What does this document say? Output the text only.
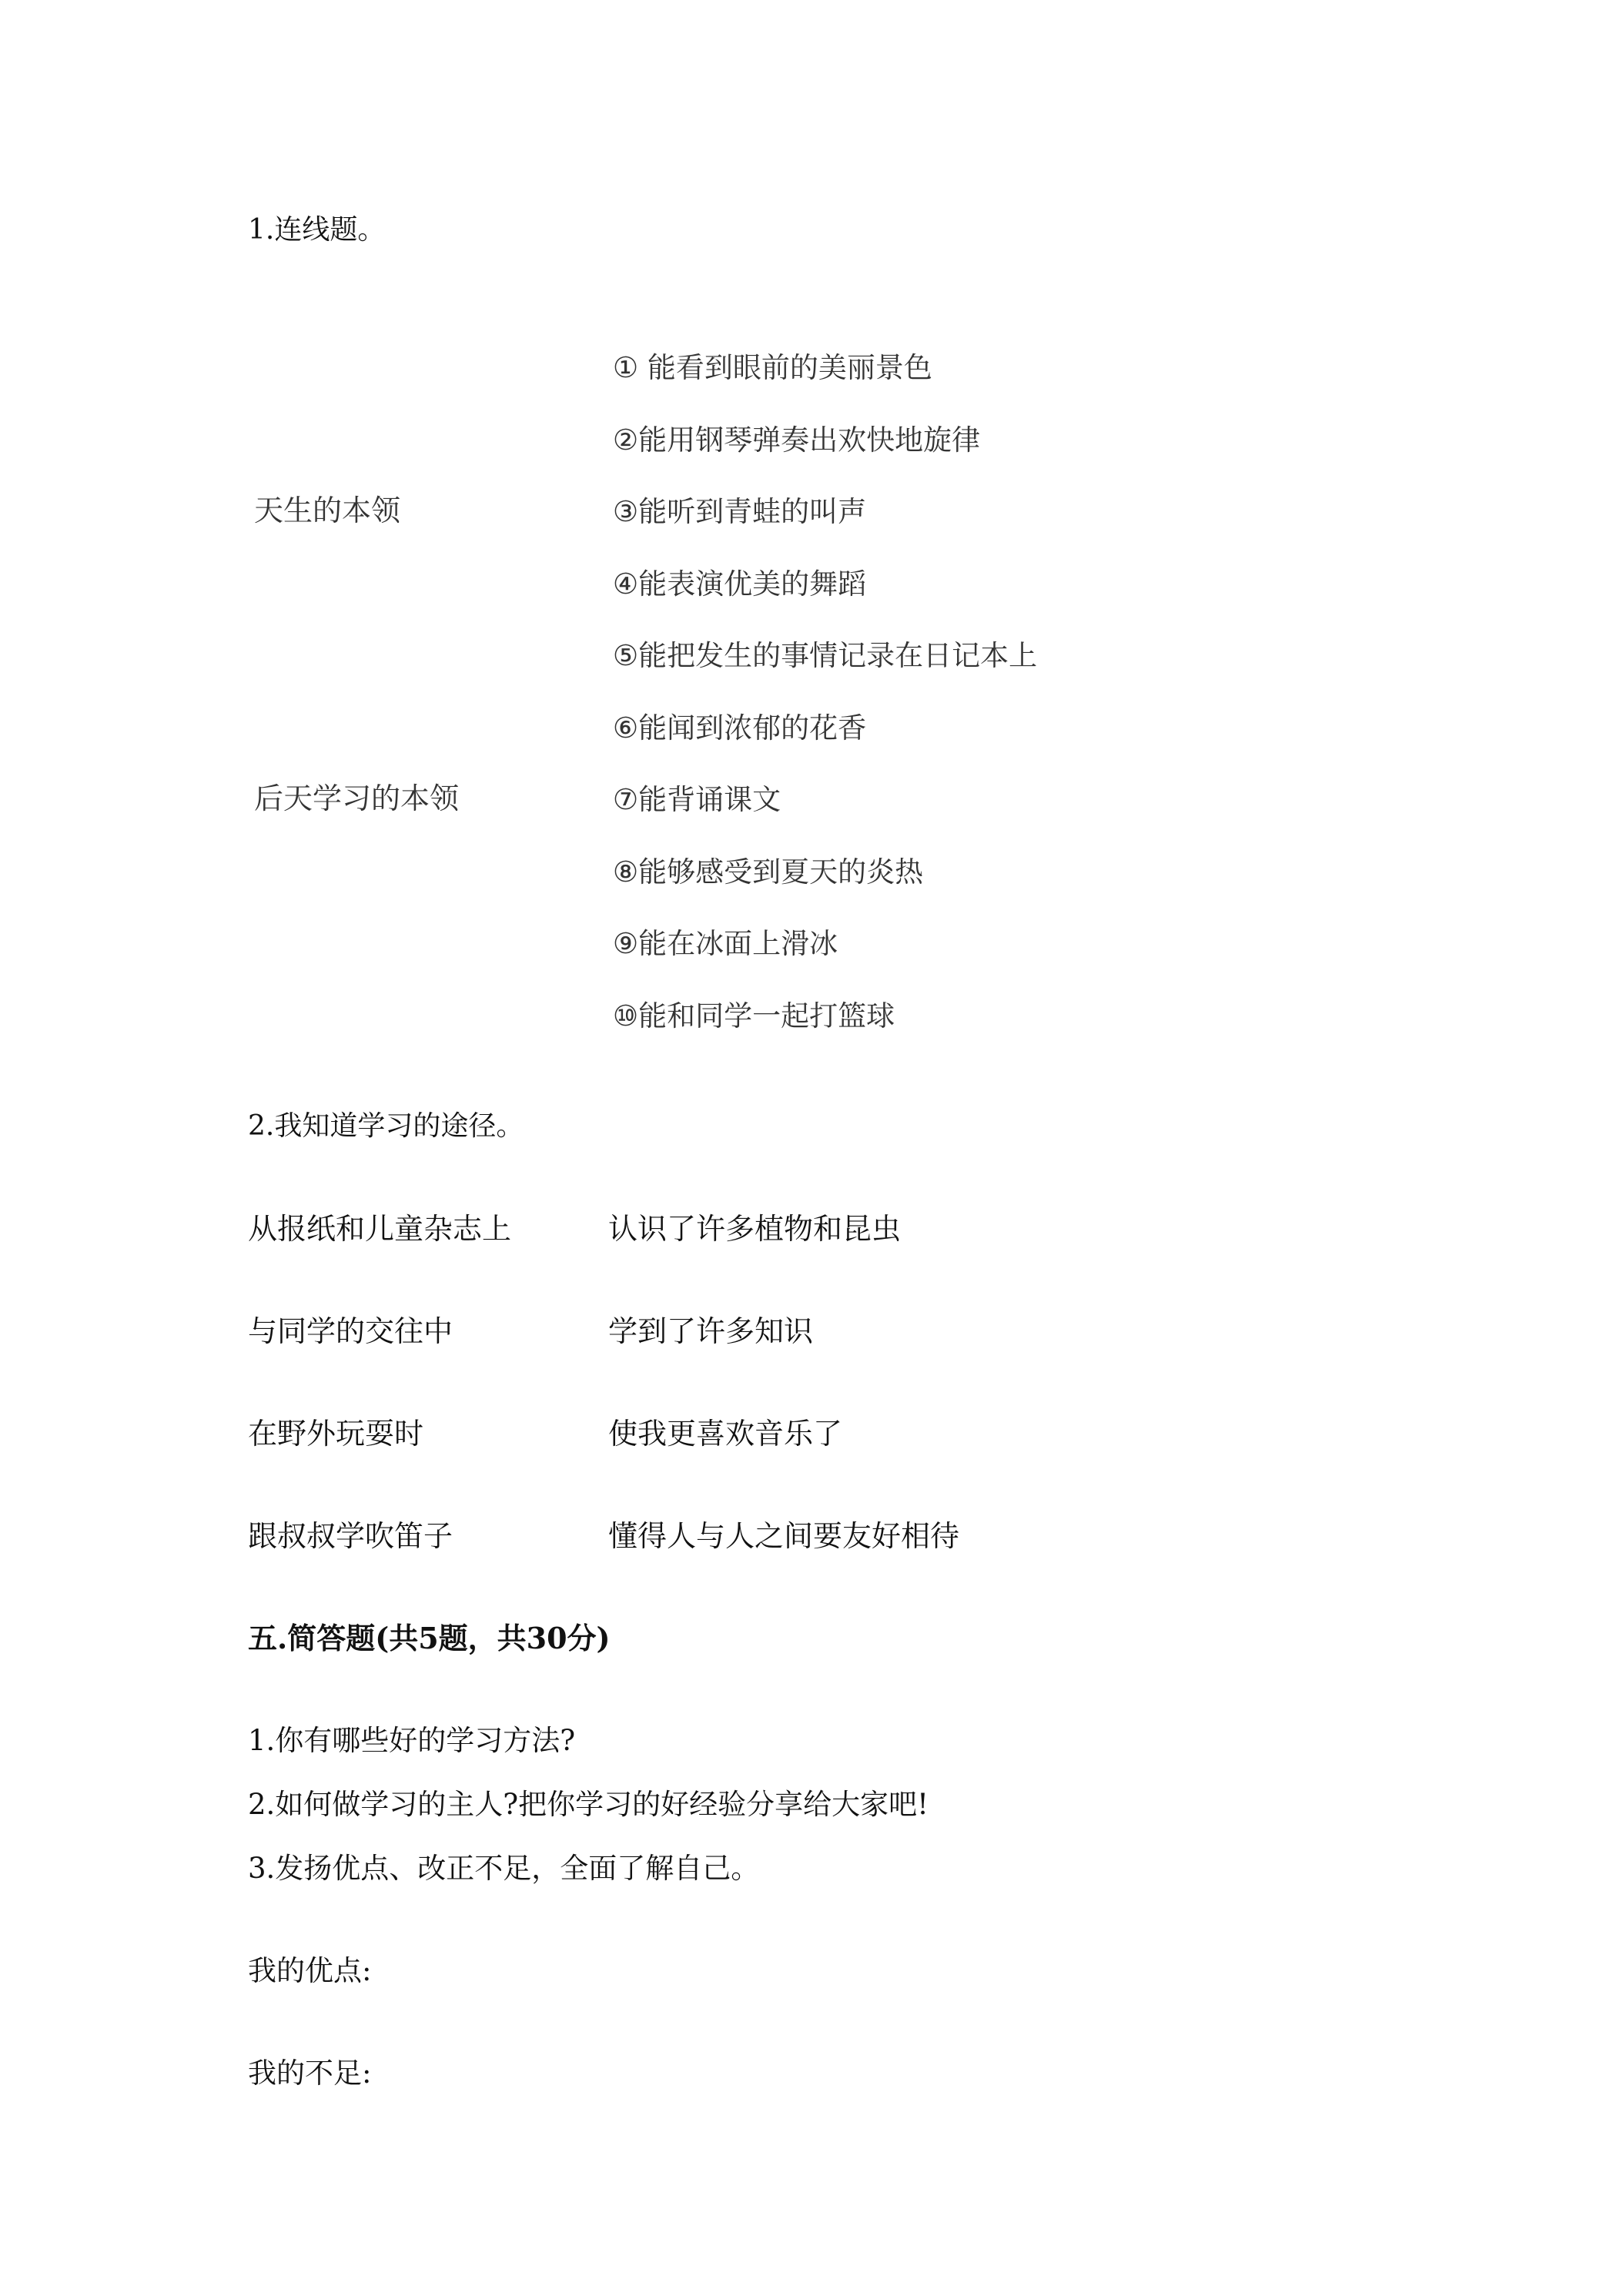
1.连线题。
天生的本领
后天学习的本领
① 能看到眼前的美丽景色
②能用钢琴弹奏出欢快地旋律
③能听到青蛙的叫声
④能表演优美的舞蹈
⑤能把发生的事情记录在日记本上
⑥能闻到浓郁的花香
⑦能背诵课文
⑧能够感受到夏天的炎热
⑨能在冰面上滑冰
⑩能和同学一起打篮球
2.我知道学习的途径。
从报纸和儿童杂志上	认识了许多植物和昆虫
与同学的交往中	学到了许多知识
在野外玩耍时	使我更喜欢音乐了
跟叔叔学吹笛子	懂得人与人之间要友好相待
五.简答题(共5题，共30分)
1.你有哪些好的学习方法?
2.如何做学习的主人?把你学习的好经验分享给大家吧!
3.发扬优点、改正不足，全面了解自己。
我的优点:
我的不足:
